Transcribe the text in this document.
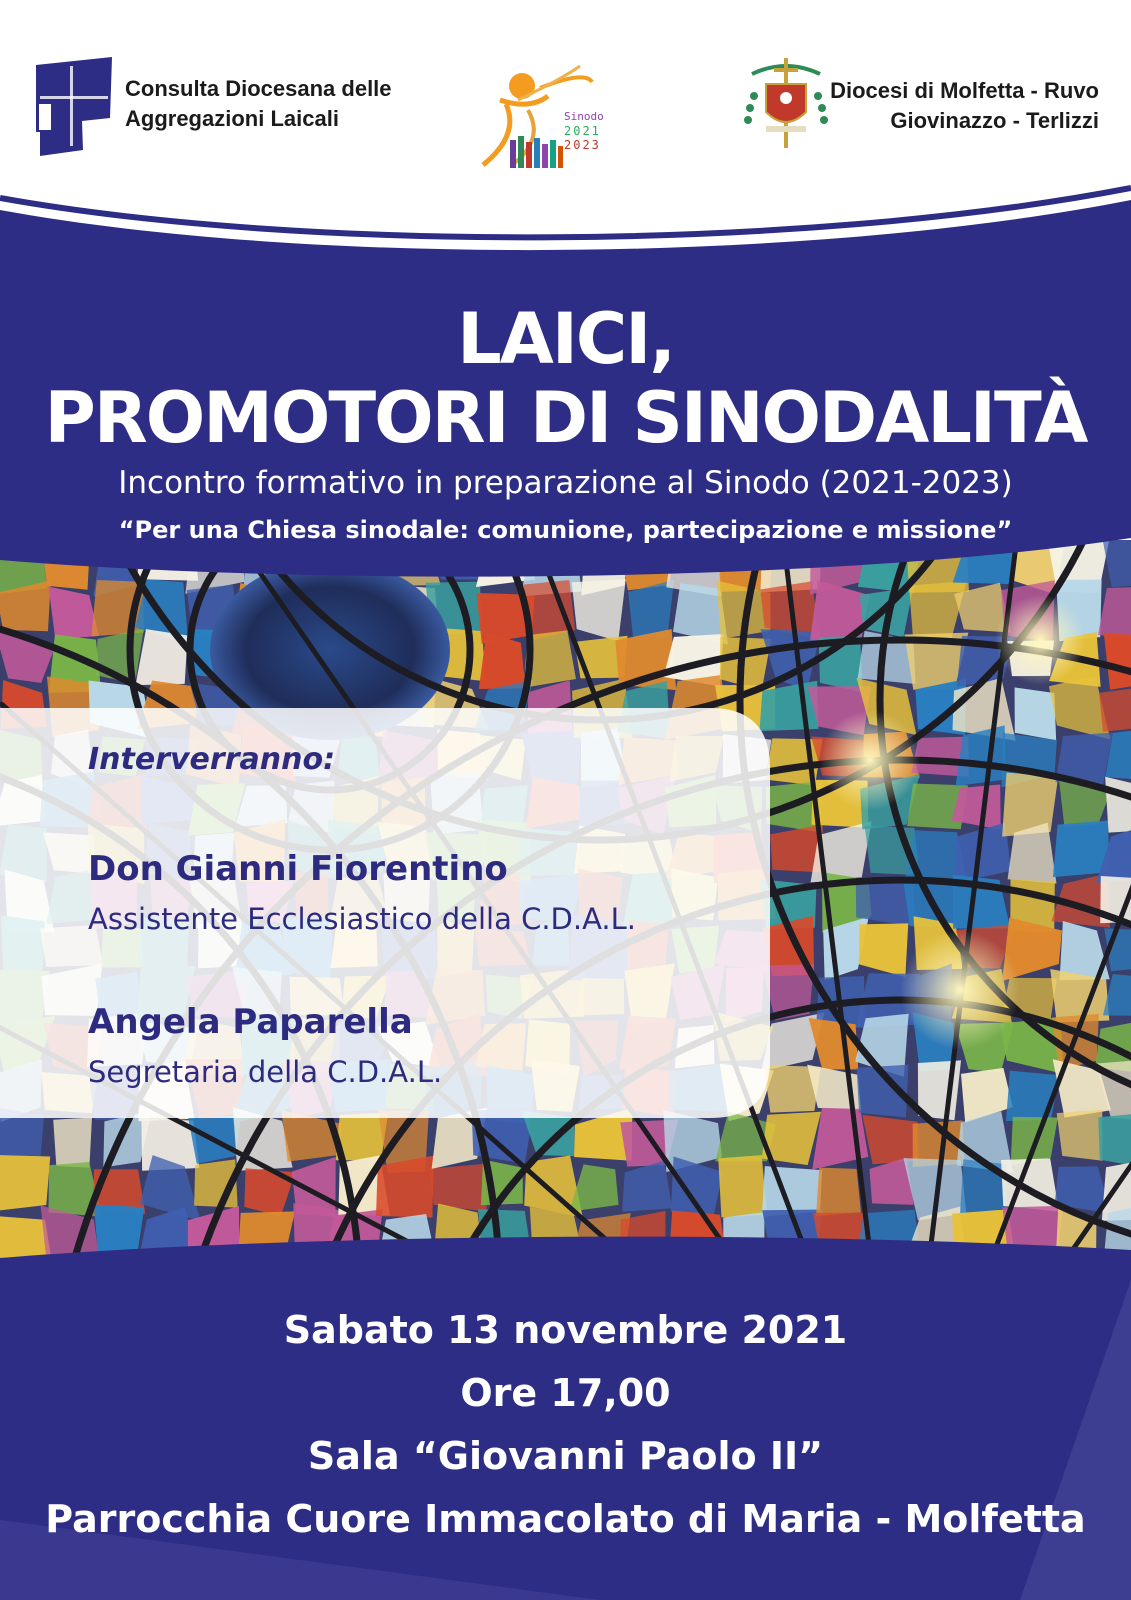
Sinodo

2021

2023

Consulta Diocesana delle
Aggregazioni Laicali

Diocesi di Molfetta - Ruvo
Giovinazzo - Terlizzi

LAICI,
PROMOTORI DI SINODALITÀ

Incontro formativo in preparazione al Sinodo (2021-2023)

“Per una Chiesa sinodale: comunione, partecipazione e missione”

Interverranno:

Don Gianni Fiorentino

Assistente Ecclesiastico della C.D.A.L.

Angela Paparella

Segretaria della C.D.A.L.

Sabato 13 novembre 2021

Ore 17,00

Sala “Giovanni Paolo II”

Parrocchia Cuore Immacolato di Maria - Molfetta
